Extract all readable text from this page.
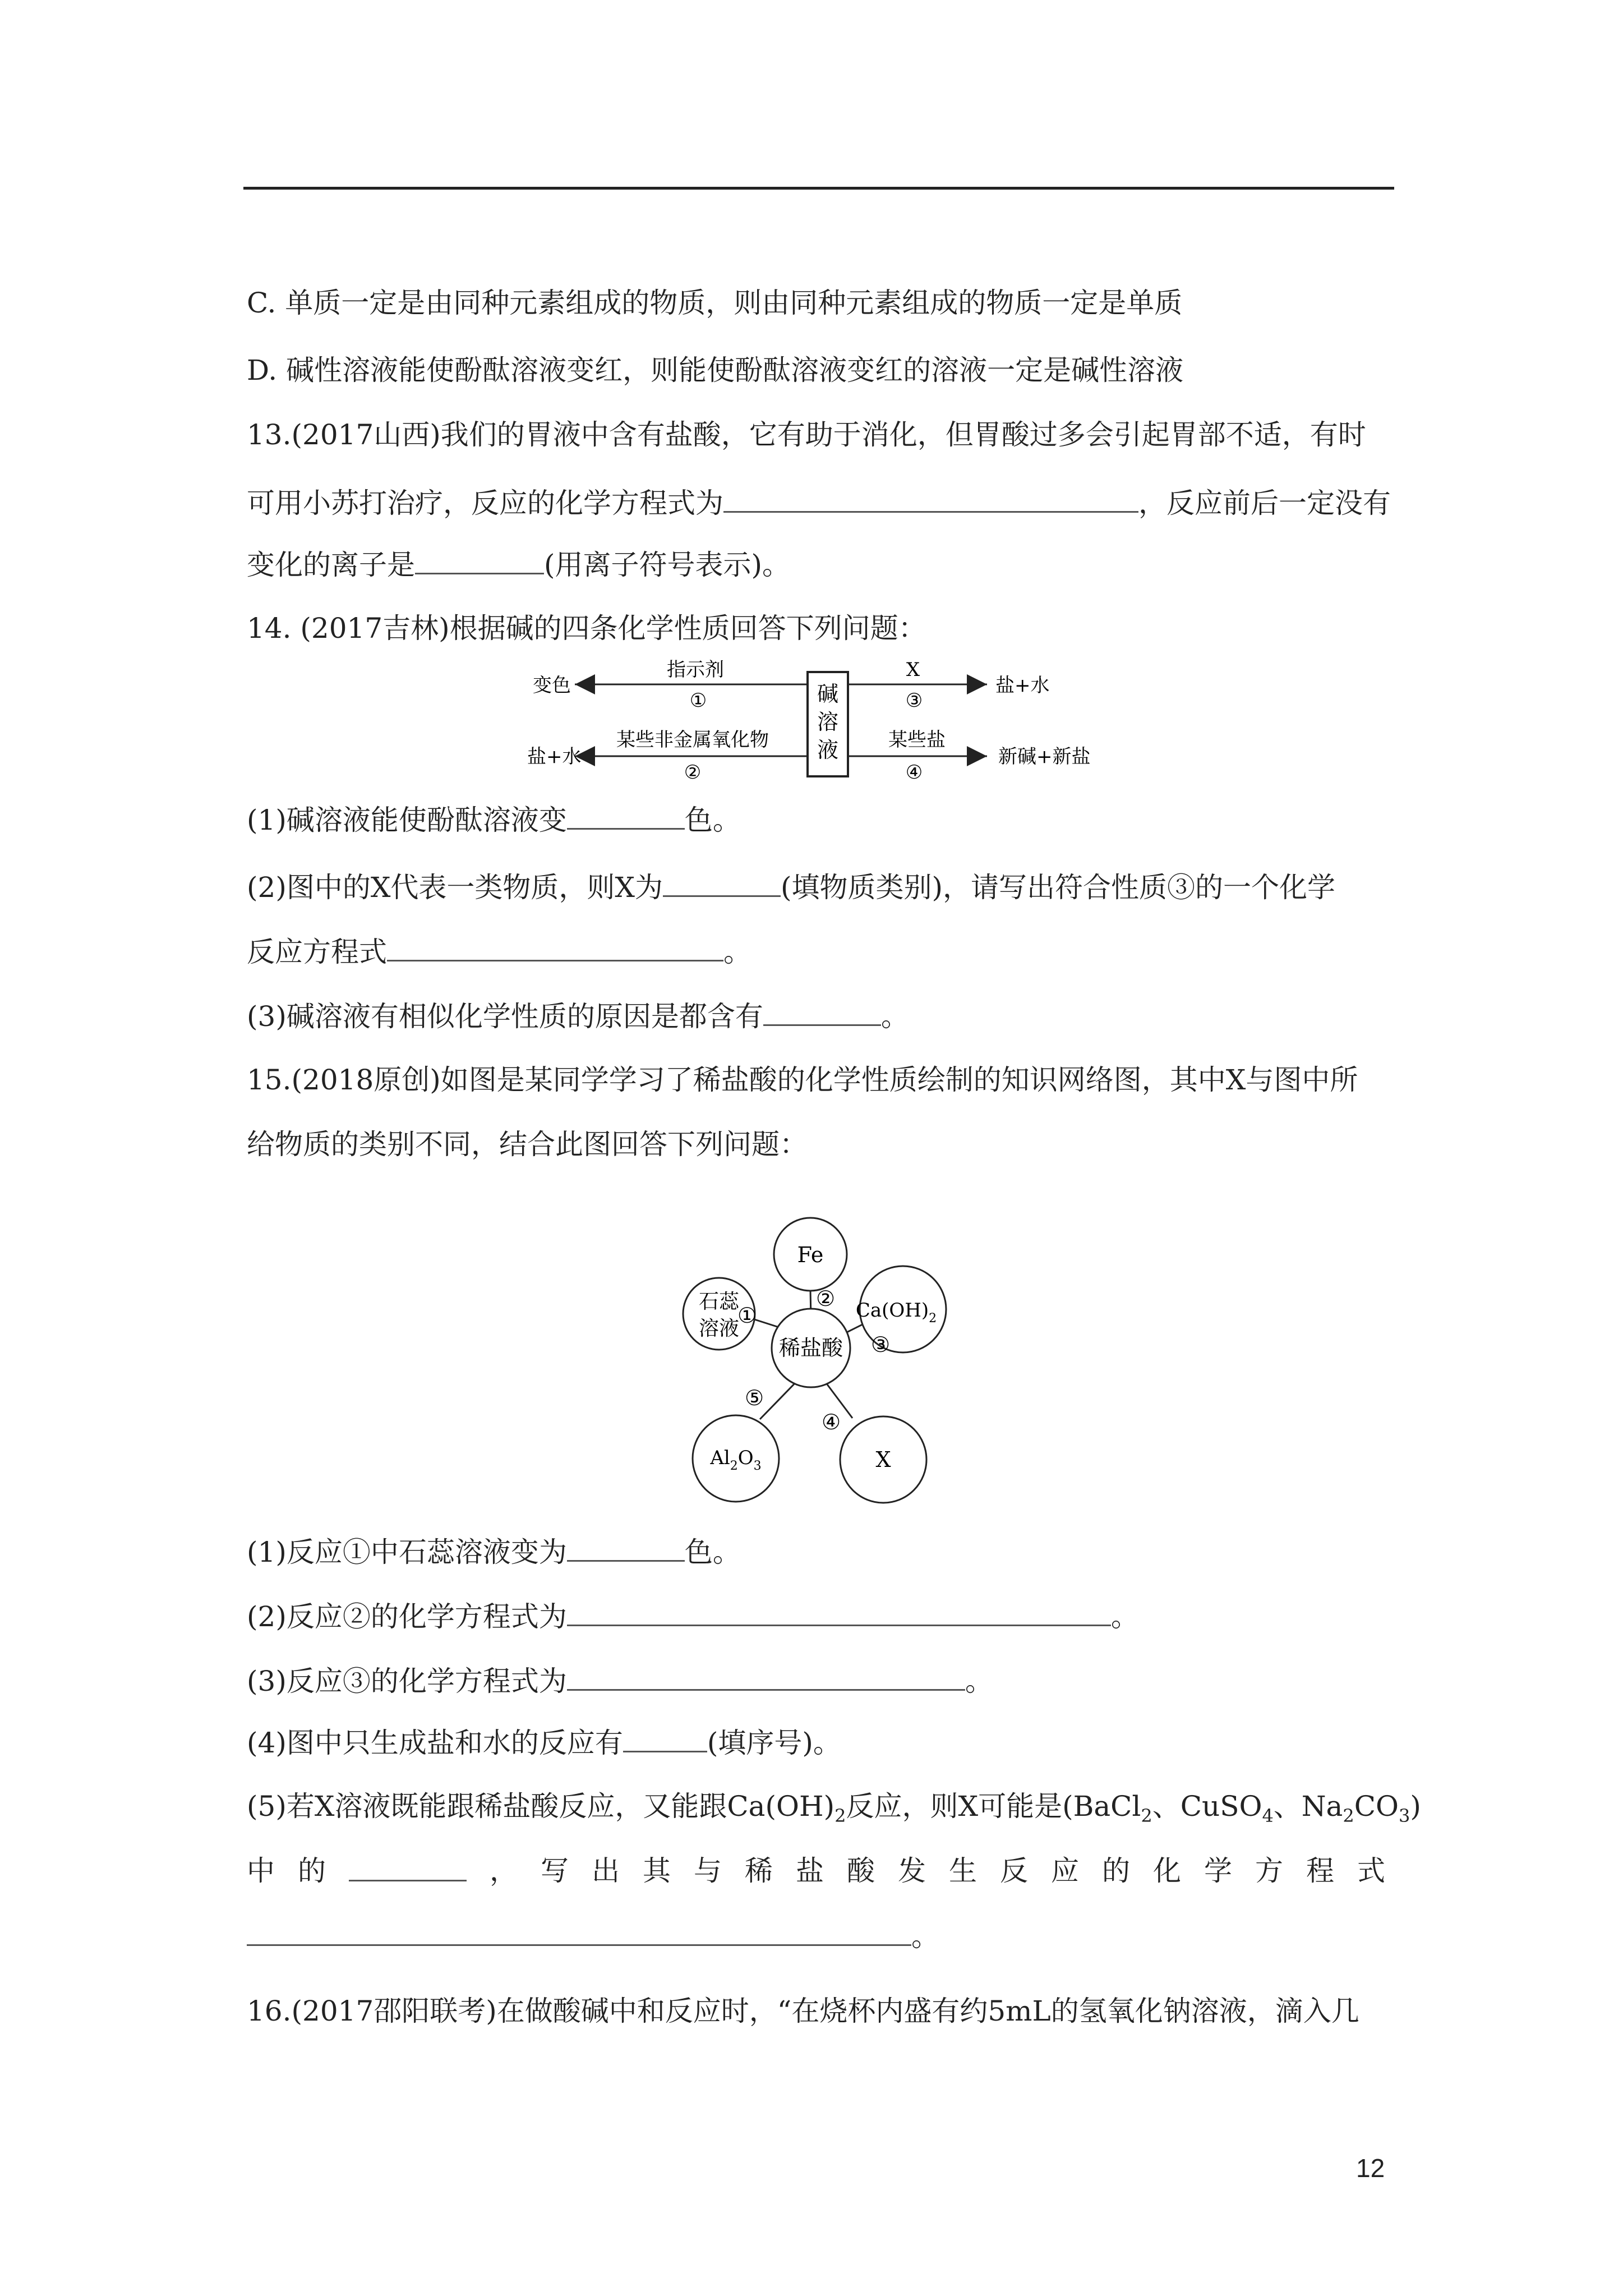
C. 单质一定是由同种元素组成的物质，则由同种元素组成的物质一定是单质
D. 碱性溶液能使酚酞溶液变红，则能使酚酞溶液变红的溶液一定是碱性溶液
13.(2017山西)我们的胃液中含有盐酸，它有助于消化，但胃酸过多会引起胃部不适，有时
可用小苏打治疗，反应的化学方程式为	，反应前后一定没有
变化的离子是	(用离子符号表示)。
14. (2017吉林)根据碱的四条化学性质回答下列问题：
碱
溶
液
变色
指示剂
①
盐+水
某些非金属氧化物
②
X
③
盐+水
某些盐
④
新碱+新盐
(1)碱溶液能使酚酞溶液变	色。
(2)图中的X代表一类物质，则X为	(填物质类别)，请写出符合性质③的一个化学
反应方程式	。
(3)碱溶液有相似化学性质的原因是都含有	。
15.(2018原创)如图是某同学学习了稀盐酸的化学性质绘制的知识网络图，其中X与图中所
给物质的类别不同，结合此图回答下列问题：
Fe
$Ca(OH)_2$
石蕊
溶液
稀盐酸
$Al_2O_3$	X
①
②
③
④
⑤
(1)反应①中石蕊溶液变为	色。
(2)反应②的化学方程式为	。
(3)反应③的化学方程式为	。
(4)图中只生成盐和水的反应有	(填序号)。
(5)若X溶液既能跟稀盐酸反应，又能跟$Ca(OH)_2$反应，则X可能是(BaCl$_2$、CuSO$_4$、$Na_2CO_3$)
中 的	， 写 出 其 与 稀 盐 酸 发 生 反 应 的 化 学 方 程 式
。
16.(2017邵阳联考)在做酸碱中和反应时，“在烧杯内盛有约5mL的氢氧化钠溶液，滴入几
12
